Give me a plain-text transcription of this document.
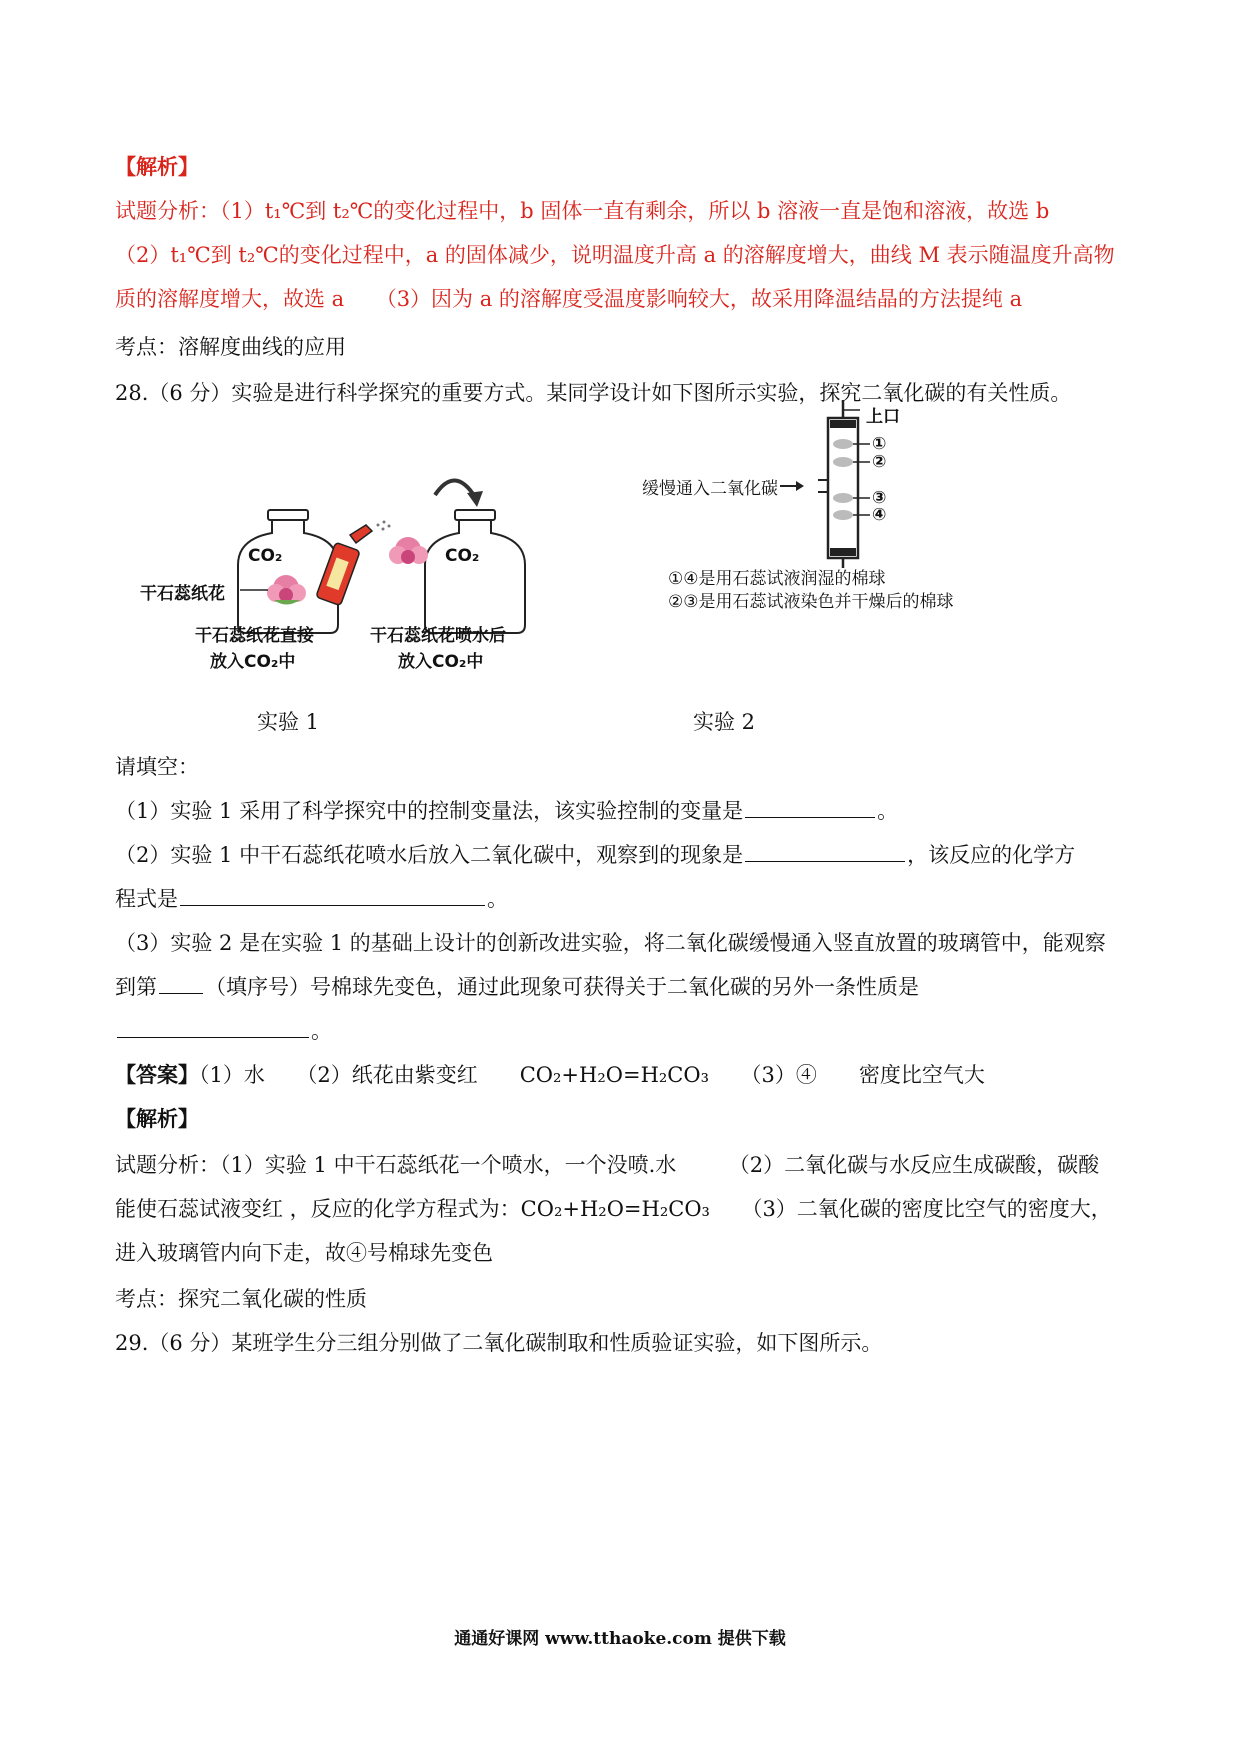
【解析】
试题分析：（1）t₁℃到 t₂℃的变化过程中，b 固体一直有剩余，所以 b 溶液一直是饱和溶液，故选 b
（2）t₁℃到 t₂℃的变化过程中，a 的固体减少，说明温度升高 a 的溶解度增大，曲线 M 表示随温度升高物
质的溶解度增大，故选 a　　（3）因为 a 的溶解度受温度影响较大，故采用降温结晶的方法提纯 a
考点：溶解度曲线的应用
28.（6 分）实验是进行科学探究的重要方式。某同学设计如下图所示实验，探究二氧化碳的有关性质。
CO₂	CO₂
干石蕊纸花
干石蕊纸花直接
放入CO₂中
干石蕊纸花喷水后
放入CO₂中
实验 1
上口
①
②
③
④
缓慢通入二氧化碳
①④是用石蕊试液润湿的棉球
②③是用石蕊试液染色并干燥后的棉球
实验 2
请填空：
（1）实验 1 采用了科学探究中的控制变量法，该实验控制的变量是	。
（2）实验 1 中干石蕊纸花喷水后放入二氧化碳中，观察到的现象是	，该反应的化学方
程式是	。
（3）实验 2 是在实验 1 的基础上设计的创新改进实验，将二氧化碳缓慢通入竖直放置的玻璃管中，能观察
到第 （填序号）号棉球先变色，通过此现象可获得关于二氧化碳的另外一条性质是
。
【答案】（1）水　　（2）纸花由紫变红　　CO₂+H₂O=H₂CO₃　　（3）④　　密度比空气大
【解析】
试题分析：（1）实验 1 中干石蕊纸花一个喷水，一个没喷.水　　　（2）二氧化碳与水反应生成碳酸，碳酸
能使石蕊试液变红 ，反应的化学方程式为：CO₂+H₂O=H₂CO₃　　（3）二氧化碳的密度比空气的密度大，
进入玻璃管内向下走，故④号棉球先变色
考点：探究二氧化碳的性质
29.（6 分）某班学生分三组分别做了二氧化碳制取和性质验证实验，如下图所示。
通通好课网 www.tthaoke.com 提供下载
